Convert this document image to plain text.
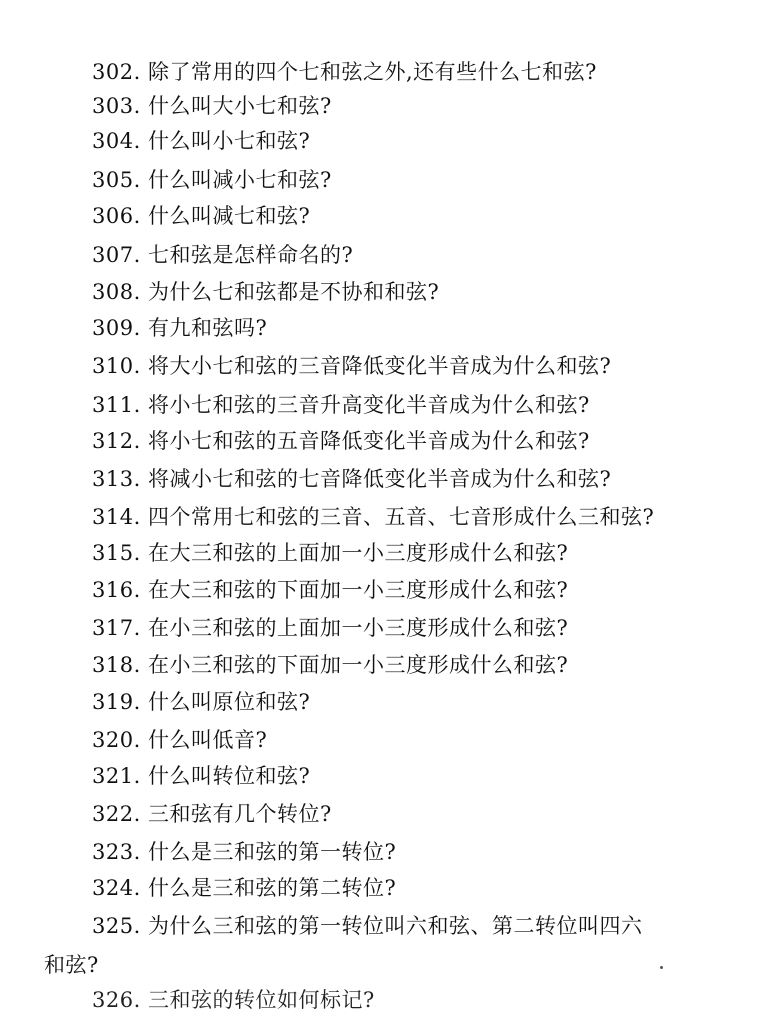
302. 除了常用的四个七和弦之外,还有些什么七和弦?
303. 什么叫大小七和弦?
304. 什么叫小七和弦?
305. 什么叫减小七和弦?
306. 什么叫减七和弦?
307. 七和弦是怎样命名的?
308. 为什么七和弦都是不协和和弦?
309. 有九和弦吗?
310. 将大小七和弦的三音降低变化半音成为什么和弦?
311. 将小七和弦的三音升高变化半音成为什么和弦?
312. 将小七和弦的五音降低变化半音成为什么和弦?
313. 将减小七和弦的七音降低变化半音成为什么和弦?
314. 四个常用七和弦的三音、五音、七音形成什么三和弦?
315. 在大三和弦的上面加一小三度形成什么和弦?
316. 在大三和弦的下面加一小三度形成什么和弦?
317. 在小三和弦的上面加一小三度形成什么和弦?
318. 在小三和弦的下面加一小三度形成什么和弦?
319. 什么叫原位和弦?
320. 什么叫低音?
321. 什么叫转位和弦?
322. 三和弦有几个转位?
323. 什么是三和弦的第一转位?
324. 什么是三和弦的第二转位?
325. 为什么三和弦的第一转位叫六和弦、第二转位叫四六
和弦?
326. 三和弦的转位如何标记?
